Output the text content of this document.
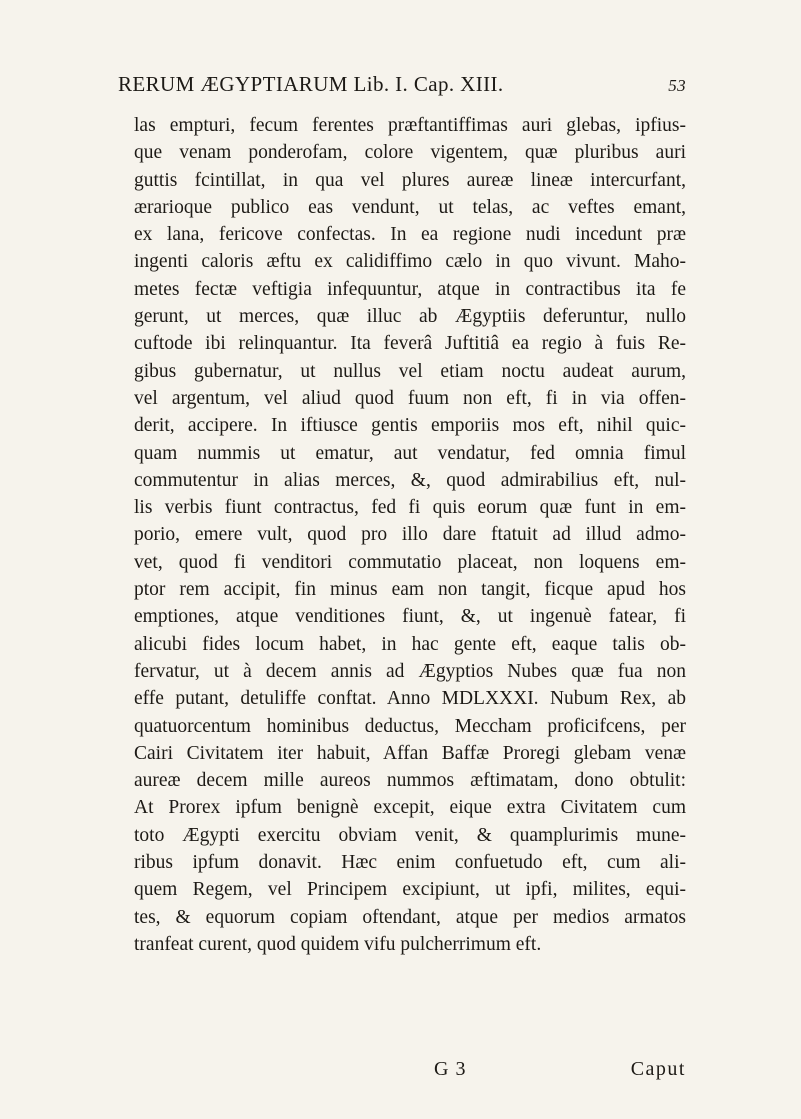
RERUM ÆGYPTIARUM Lib. I. Cap. XIII.	53
las empturi, fecum ferentes præftantiffimas auri glebas, ipfius-
que venam ponderofam, colore vigentem, quæ pluribus auri
guttis fcintillat, in qua vel plures aureæ lineæ intercurfant,
ærarioque publico eas vendunt, ut telas, ac veftes emant,
ex lana, fericove confectas. In ea regione nudi incedunt præ
ingenti caloris æftu ex calidiffimo cælo in quo vivunt. Maho-
metes fectæ veftigia infequuntur, atque in contractibus ita fe
gerunt, ut merces, quæ illuc ab Ægyptiis deferuntur, nullo
cuftode ibi relinquantur. Ita feverâ Juftitiâ ea regio à fuis Re-
gibus gubernatur, ut nullus vel etiam noctu audeat aurum,
vel argentum, vel aliud quod fuum non eft, fi in via offen-
derit, accipere. In iftiusce gentis emporiis mos eft, nihil quic-
quam nummis ut ematur, aut vendatur, fed omnia fimul
commutentur in alias merces, &, quod admirabilius eft, nul-
lis verbis fiunt contractus, fed fi quis eorum quæ funt in em-
porio, emere vult, quod pro illo dare ftatuit ad illud admo-
vet, quod fi venditori commutatio placeat, non loquens em-
ptor rem accipit, fin minus eam non tangit, ficque apud hos
emptiones, atque venditiones fiunt, &, ut ingenuè fatear, fi
alicubi fides locum habet, in hac gente eft, eaque talis ob-
fervatur, ut à decem annis ad Ægyptios Nubes quæ fua non
effe putant, detuliffe conftat. Anno MDLXXXI. Nubum Rex, ab
quatuorcentum hominibus deductus, Meccham proficifcens, per
Cairi Civitatem iter habuit, Affan Baffæ Proregi glebam venæ
aureæ decem mille aureos nummos æftimatam, dono obtulit:
At Prorex ipfum benignè excepit, eique extra Civitatem cum
toto Ægypti exercitu obviam venit, & quamplurimis mune-
ribus ipfum donavit. Hæc enim confuetudo eft, cum ali-
quem Regem, vel Principem excipiunt, ut ipfi, milites, equi-
tes, & equorum copiam oftendant, atque per medios armatos
tranfeat curent, quod quidem vifu pulcherrimum eft.
G 3	Caput
